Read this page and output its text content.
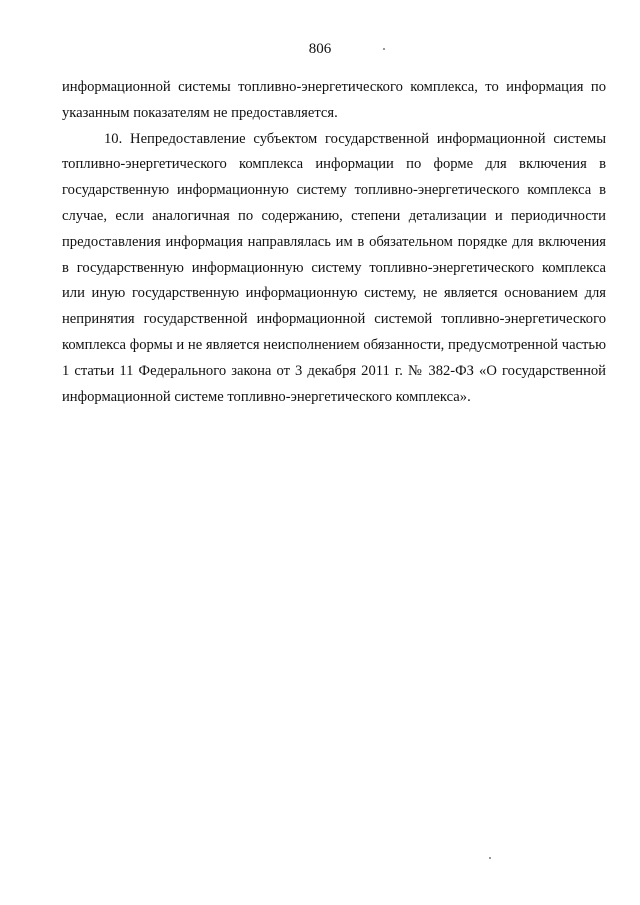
806

информационной системы топливно-энергетического комплекса, то информация по указанным показателям не предоставляется.

10. Непредоставление субъектом государственной информационной системы топливно-энергетического комплекса информации по форме для включения в государственную информационную систему топливно-энергетического комплекса в случае, если аналогичная по содержанию, степени детализации и периодичности предоставления информация направлялась им в обязательном порядке для включения в государственную информационную систему топливно-энергетического комплекса или иную государственную информационную систему, не является основанием для непринятия государственной информационной системой топливно-энергетического комплекса формы и не является неисполнением обязанности, предусмотренной частью 1 статьи 11 Федерального закона от 3 декабря 2011 г. № 382-ФЗ «О государственной информационной системе топливно-энергетического комплекса».
